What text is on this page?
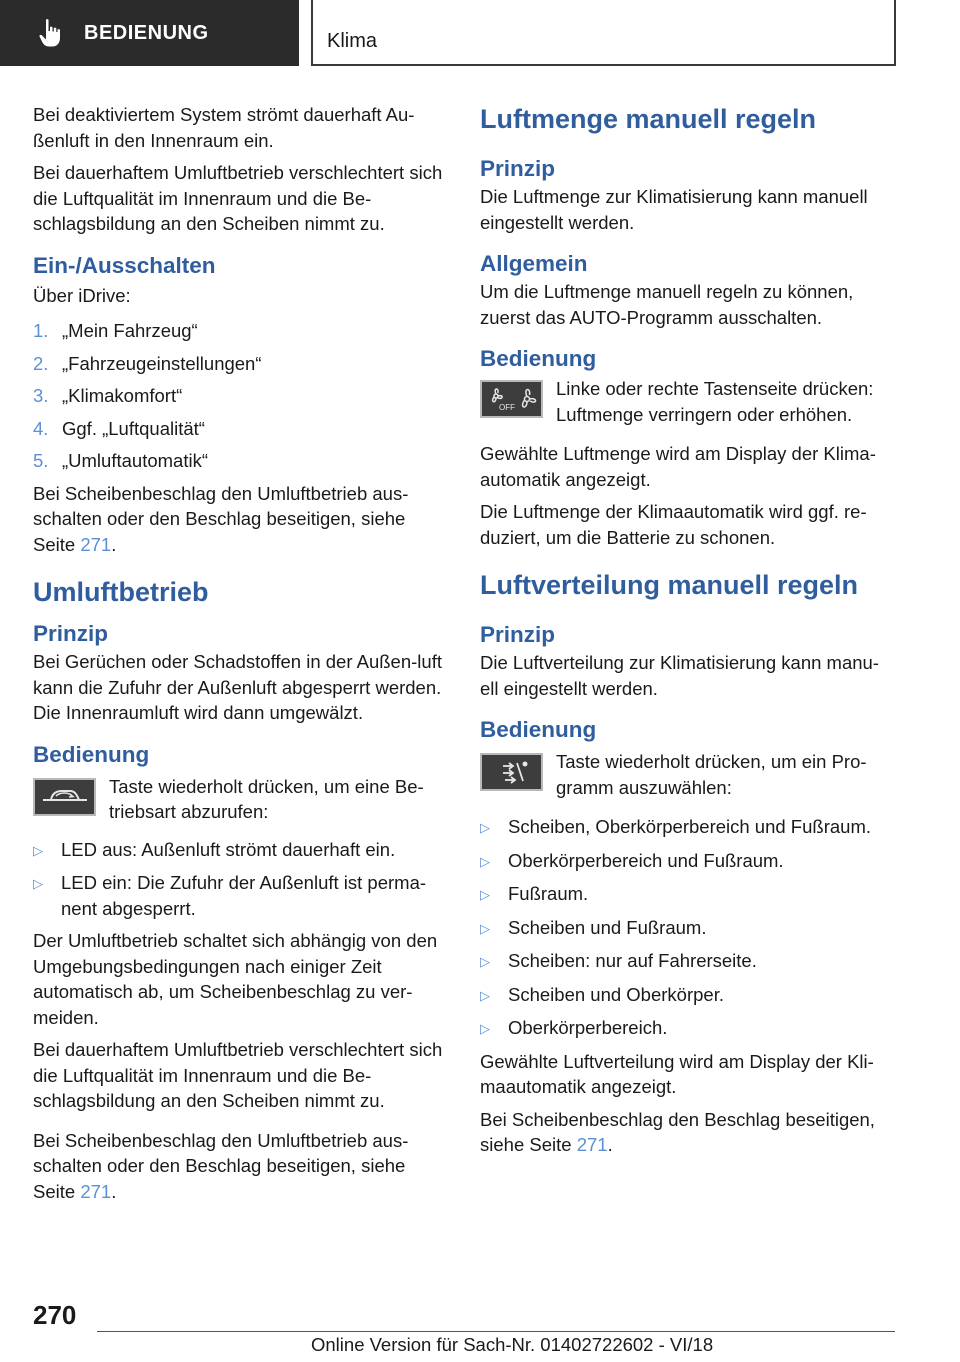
BEDIENUNG	Klima

Bei deaktiviertem System strömt dauerhaft Au-ßenluft in den Innenraum ein.

Bei dauerhaftem Umluftbetrieb verschlechtert sich die Luftqualität im Innenraum und die Be-schlagsbildung an den Scheiben nimmt zu.

Ein-/Ausschalten

Über iDrive:

1. „Mein Fahrzeug“
2. „Fahrzeugeinstellungen“
3. „Klimakomfort“
4. Ggf. „Luftqualität“
5. „Umluftautomatik“

Bei Scheibenbeschlag den Umluftbetrieb aus-schalten oder den Beschlag beseitigen, siehe Seite 271.

Umluftbetrieb
Prinzip

Bei Gerüchen oder Schadstoffen in der Außen-luft kann die Zufuhr der Außenluft abgesperrt werden. Die Innenraumluft wird dann umgewälzt.

Bedienung

Taste wiederholt drücken, um eine Be-triebsart abzurufen:

▷ LED aus: Außenluft strömt dauerhaft ein.
▷ LED ein: Die Zufuhr der Außenluft ist perma-nent abgesperrt.

Der Umluftbetrieb schaltet sich abhängig von den Umgebungsbedingungen nach einiger Zeit automatisch ab, um Scheibenbeschlag zu ver-meiden.

Bei dauerhaftem Umluftbetrieb verschlechtert sich die Luftqualität im Innenraum und die Be-schlagsbildung an den Scheiben nimmt zu.

Bei Scheibenbeschlag den Umluftbetrieb aus-schalten oder den Beschlag beseitigen, siehe Seite 271.

Luftmenge manuell regeln
Prinzip

Die Luftmenge zur Klimatisierung kann manuell eingestellt werden.

Allgemein

Um die Luftmenge manuell regeln zu können, zuerst das AUTO-Programm ausschalten.

Bedienung
OFF

Linke oder rechte Tastenseite drücken: Luftmenge verringern oder erhöhen.

Gewählte Luftmenge wird am Display der Klima-automatik angezeigt.

Die Luftmenge der Klimaautomatik wird ggf. re-duziert, um die Batterie zu schonen.

Luftverteilung manuell regeln
Prinzip

Die Luftverteilung zur Klimatisierung kann manu-ell eingestellt werden.

Bedienung

Taste wiederholt drücken, um ein Pro-gramm auszuwählen:

▷ Scheiben, Oberkörperbereich und Fußraum.
▷ Oberkörperbereich und Fußraum.
▷ Fußraum.
▷ Scheiben und Fußraum.
▷ Scheiben: nur auf Fahrerseite.
▷ Scheiben und Oberkörper.
▷ Oberkörperbereich.

Gewählte Luftverteilung wird am Display der Kli-maautomatik angezeigt.

Bei Scheibenbeschlag den Beschlag beseitigen, siehe Seite 271.

270
Online Version für Sach-Nr. 01402722602 - VI/18
